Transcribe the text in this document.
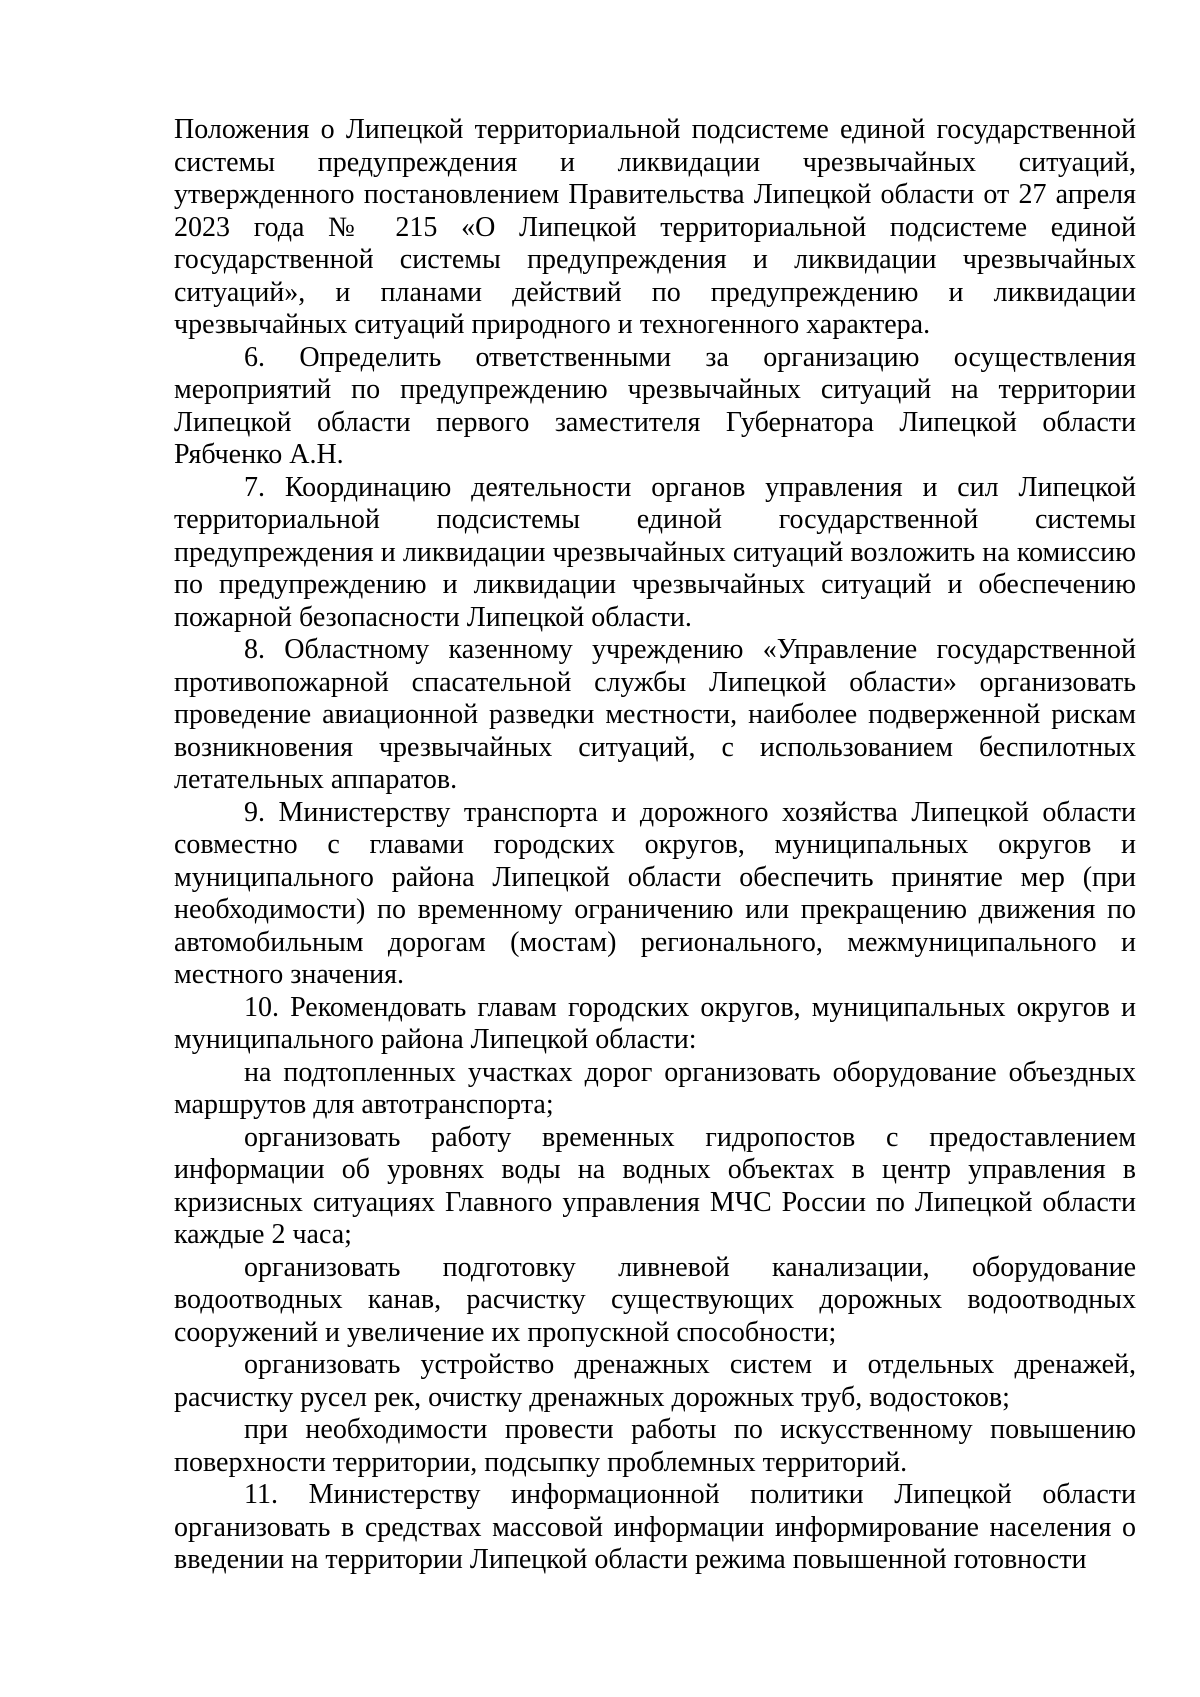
Положения о Липецкой территориальной подсистеме единой государственной системы предупреждения и ликвидации чрезвычайных ситуаций, утвержденного постановлением Правительства Липецкой области от 27 апреля 2023 года № 215 «О Липецкой территориальной подсистеме единой государственной системы предупреждения и ликвидации чрезвычайных ситуаций», и планами действий по предупреждению и ликвидации чрезвычайных ситуаций природного и техногенного характера.

6. Определить ответственными за организацию осуществления мероприятий по предупреждению чрезвычайных ситуаций на территории Липецкой области первого заместителя Губернатора Липецкой области Рябченко А.Н.

7. Координацию деятельности органов управления и сил Липецкой территориальной подсистемы единой государственной системы предупреждения и ликвидации чрезвычайных ситуаций возложить на комиссию по предупреждению и ликвидации чрезвычайных ситуаций и обеспечению пожарной безопасности Липецкой области.

8. Областному казенному учреждению «Управление государственной противопожарной спасательной службы Липецкой области» организовать проведение авиационной разведки местности, наиболее подверженной рискам возникновения чрезвычайных ситуаций, с использованием беспилотных летательных аппаратов.

9. Министерству транспорта и дорожного хозяйства Липецкой области совместно с главами городских округов, муниципальных округов и муниципального района Липецкой области обеспечить принятие мер (при необходимости) по временному ограничению или прекращению движения по автомобильным дорогам (мостам) регионального, межмуниципального и местного значения.

10. Рекомендовать главам городских округов, муниципальных округов и муниципального района Липецкой области:

на подтопленных участках дорог организовать оборудование объездных маршрутов для автотранспорта;

организовать работу временных гидропостов с предоставлением информации об уровнях воды на водных объектах в центр управления в кризисных ситуациях Главного управления МЧС России по Липецкой области каждые 2 часа;

организовать подготовку ливневой канализации, оборудование водоотводных канав, расчистку существующих дорожных водоотводных сооружений и увеличение их пропускной способности;

организовать устройство дренажных систем и отдельных дренажей, расчистку русел рек, очистку дренажных дорожных труб, водостоков;

при необходимости провести работы по искусственному повышению поверхности территории, подсыпку проблемных территорий.

11. Министерству информационной политики Липецкой области организовать в средствах массовой информации информирование населения о введении на территории Липецкой области режима повышенной готовности
